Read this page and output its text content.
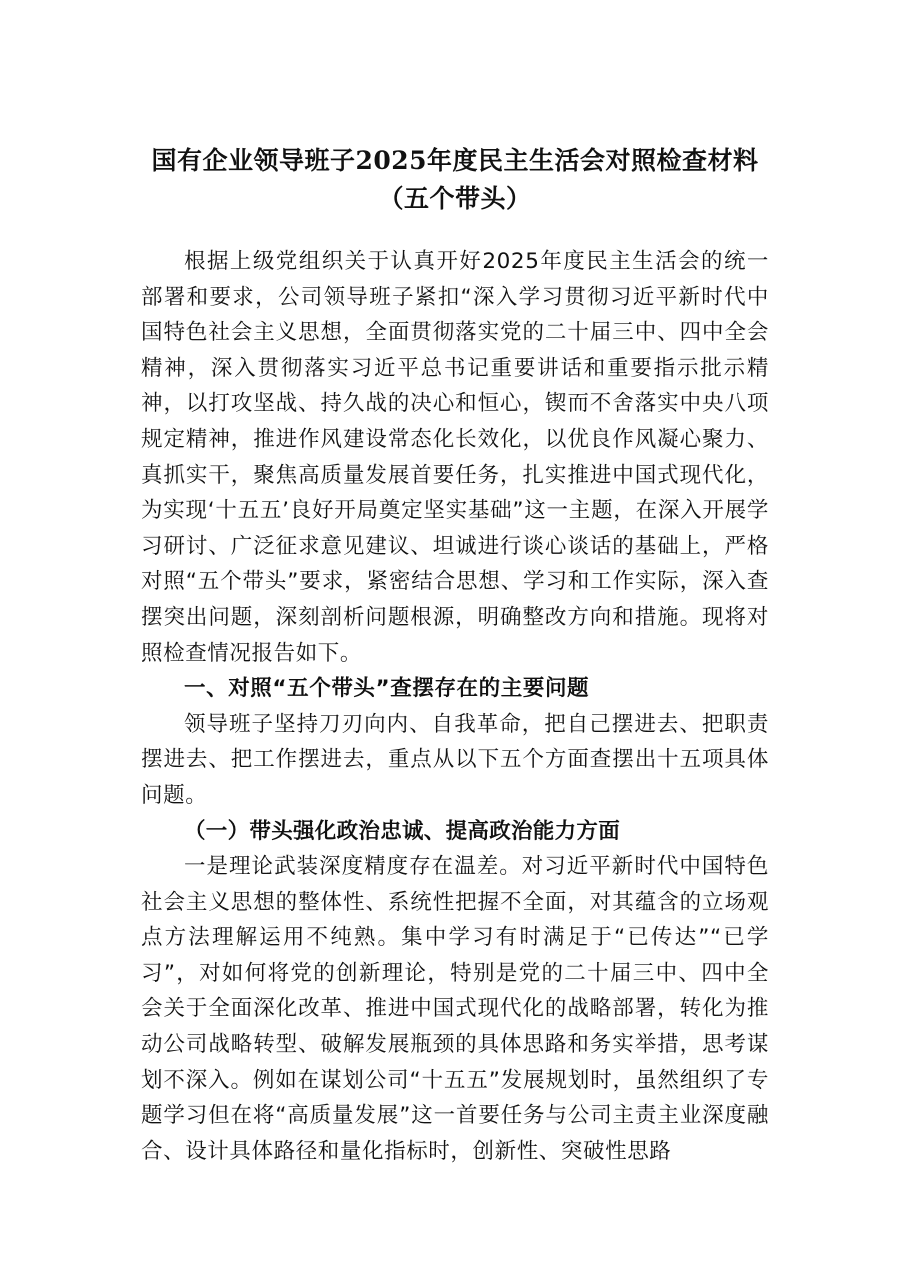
国有企业领导班子2025年度民主生活会对照检查材料（五个带头）

根据上级党组织关于认真开好2025年度民主生活会的统一部署和要求，公司领导班子紧扣“深入学习贯彻习近平新时代中国特色社会主义思想，全面贯彻落实党的二十届三中、四中全会精神，深入贯彻落实习近平总书记重要讲话和重要指示批示精神，以打攻坚战、持久战的决心和恒心，锲而不舍落实中央八项规定精神，推进作风建设常态化长效化，以优良作风凝心聚力、真抓实干，聚焦高质量发展首要任务，扎实推进中国式现代化，为实现‘十五五’良好开局奠定坚实基础”这一主题，在深入开展学习研讨、广泛征求意见建议、坦诚进行谈心谈话的基础上，严格对照“五个带头”要求，紧密结合思想、学习和工作实际，深入查摆突出问题，深刻剖析问题根源，明确整改方向和措施。现将对照检查情况报告如下。

一、对照“五个带头”查摆存在的主要问题

领导班子坚持刀刃向内、自我革命，把自己摆进去、把职责摆进去、把工作摆进去，重点从以下五个方面查摆出十五项具体问题。

（一）带头强化政治忠诚、提高政治能力方面

一是理论武装深度精度存在温差。对习近平新时代中国特色社会主义思想的整体性、系统性把握不全面，对其蕴含的立场观点方法理解运用不纯熟。集中学习有时满足于“已传达”“已学习”，对如何将党的创新理论，特别是党的二十届三中、四中全会关于全面深化改革、推进中国式现代化的战略部署，转化为推动公司战略转型、破解发展瓶颈的具体思路和务实举措，思考谋划不深入。例如在谋划公司“十五五”发展规划时，虽然组织了专题学习但在将“高质量发展”这一首要任务与公司主责主业深度融合、设计具体路径和量化指标时，创新性、突破性思路
